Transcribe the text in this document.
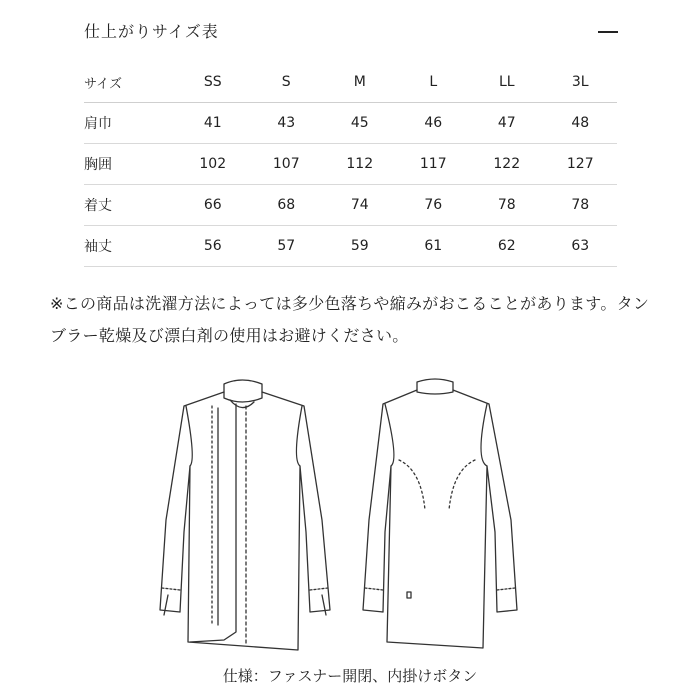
仕上がりサイズ表
サイズ	SS	S	M	L	LL	3L
肩巾	41	43	45	46	47	48
胸囲	102	107	112	117	122	127
着丈	66	68	74	76	78	78
袖丈	56	57	59	61	62	63
※この商品は洗濯方法によっては多少色落ちや縮みがおこることがあります。タンブラー乾燥及び漂白剤の使用はお避けください。
仕様：ファスナー開閉、内掛けボタン
